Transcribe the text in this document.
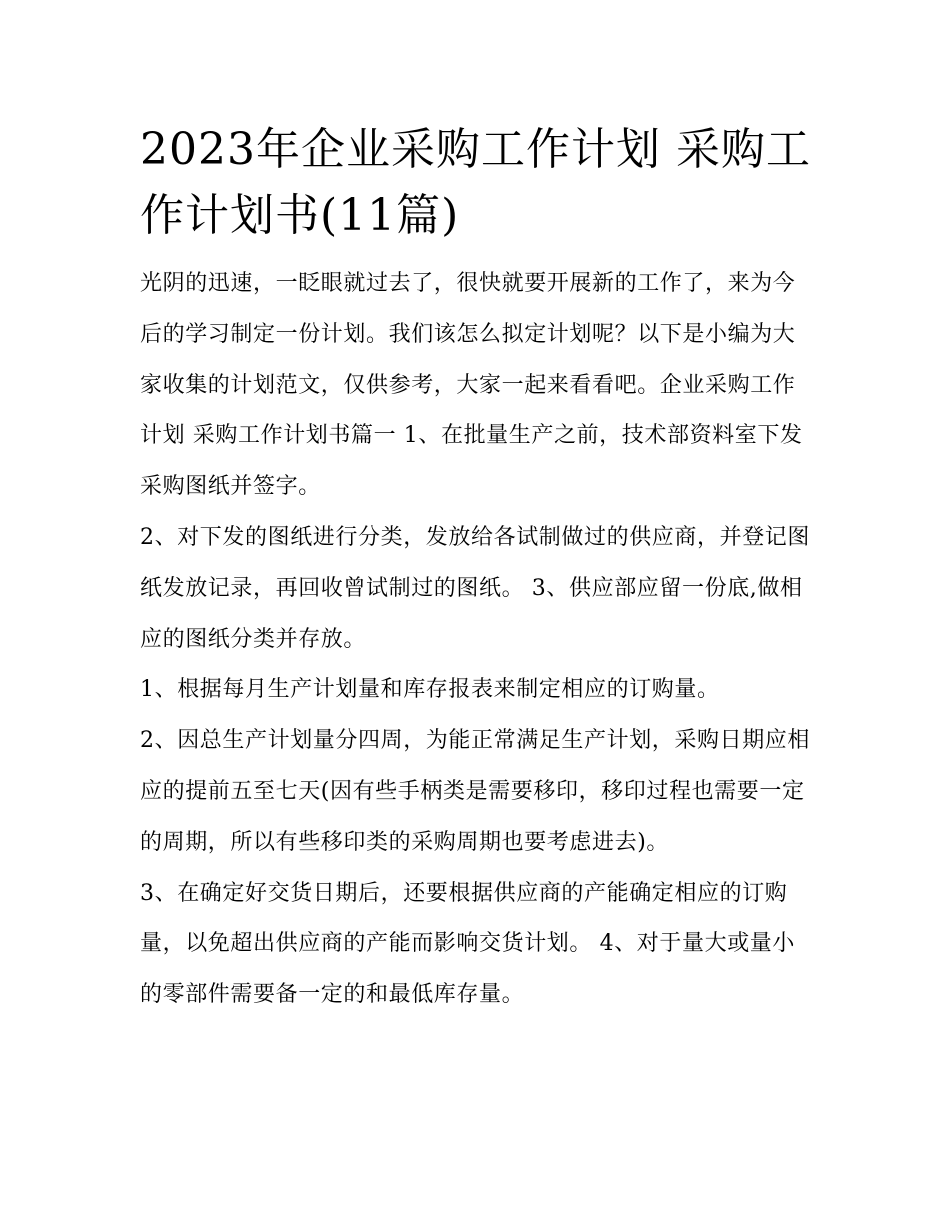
2023年企业采购工作计划 采购工作计划书(11篇)

光阴的迅速，一眨眼就过去了，很快就要开展新的工作了，来为今后的学习制定一份计划。我们该怎么拟定计划呢？以下是小编为大家收集的计划范文，仅供参考，大家一起来看看吧。企业采购工作计划 采购工作计划书篇一 1、在批量生产之前，技术部资料室下发采购图纸并签字。

2、对下发的图纸进行分类，发放给各试制做过的供应商，并登记图纸发放记录，再回收曾试制过的图纸。 3、供应部应留一份底,做相应的图纸分类并存放。

1、根据每月生产计划量和库存报表来制定相应的订购量。

2、因总生产计划量分四周，为能正常满足生产计划，采购日期应相应的提前五至七天(因有些手柄类是需要移印，移印过程也需要一定的周期，所以有些移印类的采购周期也要考虑进去)。

3、在确定好交货日期后，还要根据供应商的产能确定相应的订购量，以免超出供应商的产能而影响交货计划。 4、对于量大或量小的零部件需要备一定的和最低库存量。
